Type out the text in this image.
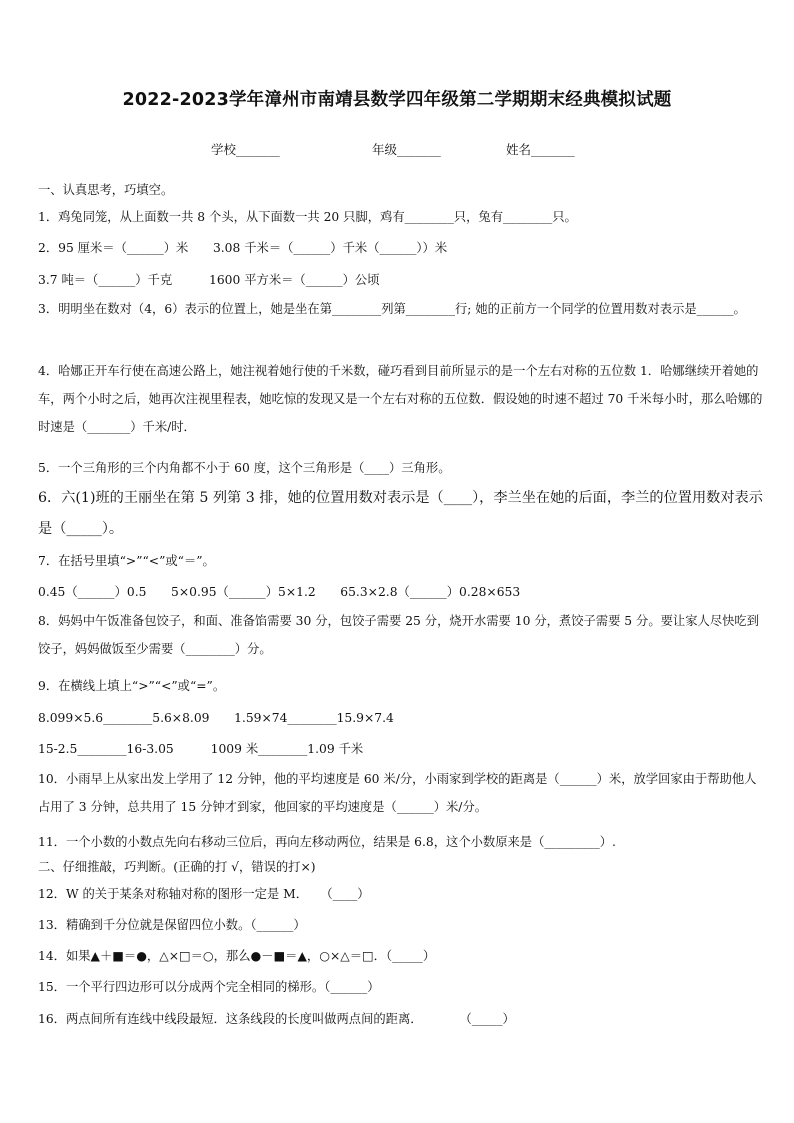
2022-2023学年漳州市南靖县数学四年级第二学期期末经典模拟试题
学校_______	年级_______	姓名_______
一、认真思考，巧填空。
1．鸡兔同笼，从上面数一共 8 个头，从下面数一共 20 只脚，鸡有________只，兔有________只。
2．95 厘米＝（______）米　　3.08 千米＝（______）千米（______））米
3.7 吨＝（______）千克　　　1600 平方米＝（______）公顷
3．明明坐在数对（4，6）表示的位置上，她是坐在第________列第________行; 她的正前方一个同学的位置用数对表示是______。
4．哈娜正开车行使在高速公路上，她注视着她行使的千米数，碰巧看到目前所显示的是一个左右对称的五位数 1．哈娜继续开着她的车，两个小时之后，她再次注视里程表，她吃惊的发现又是一个左右对称的五位数．假设她的时速不超过 70 千米每小时，那么哈娜的时速是（_______）千米/时．
5．一个三角形的三个内角都不小于 60 度，这个三角形是（____）三角形。
6．六(1)班的王丽坐在第 5 列第 3 排，她的位置用数对表示是（____），李兰坐在她的后面，李兰的位置用数对表示是（_____）。
7．在括号里填“>”“<”或“＝”。
0.45（______）0.5　　5×0.95（______）5×1.2　　65.3×2.8（______）0.28×653
8．妈妈中午饭准备包饺子，和面、准备馅需要 30 分，包饺子需要 25 分，烧开水需要 10 分，煮饺子需要 5 分。要让家人尽快吃到饺子，妈妈做饭至少需要（________）分。
9．在横线上填上“>”“<”或“=”。
8.099×5.6________5.6×8.09　　1.59×74________15.9×7.4
15-2.5________16-3.05　　　1009 米________1.09 千米
10．小雨早上从家出发上学用了 12 分钟，他的平均速度是 60 米/分，小雨家到学校的距离是（______）米，放学回家由于帮助他人占用了 3 分钟，总共用了 15 分钟才到家，他回家的平均速度是（______）米/分。
11．一个小数的小数点先向右移动三位后，再向左移动两位，结果是 6.8，这个小数原来是（_________）.
二、仔细推敲，巧判断。(正确的打 √，错误的打×)
12．W 的关于某条对称轴对称的图形一定是 M．　　（____）
13．精确到千分位就是保留四位小数。（______）
14．如果▲＋■＝●，△×□＝○，那么●－■＝▲，○×△＝□．（_____）
15．一个平行四边形可以分成两个完全相同的梯形。（______）
16．两点间所有连线中线段最短．这条线段的长度叫做两点间的距离．　　　　（_____）
